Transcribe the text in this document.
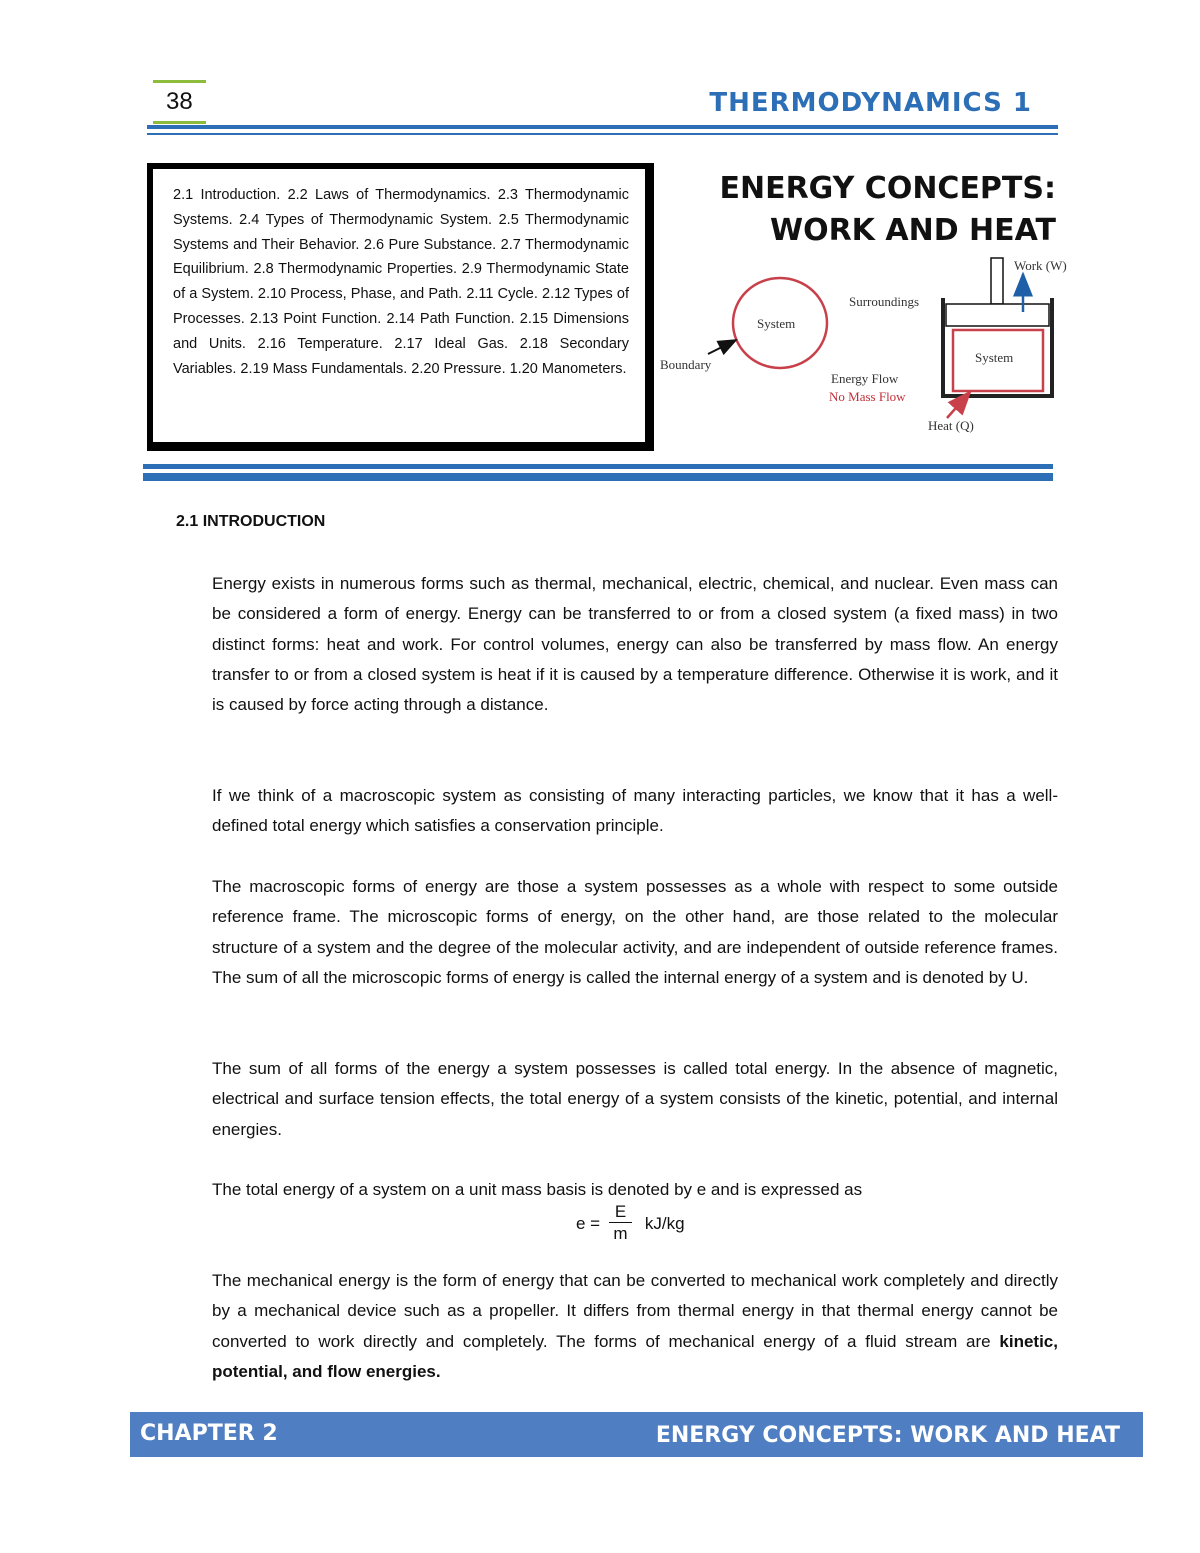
38	THERMODYNAMICS 1
2.1 Introduction. 2.2 Laws of Thermodynamics. 2.3 Thermodynamic Systems. 2.4 Types of Thermodynamic System. 2.5 Thermodynamic Systems and Their Behavior. 2.6 Pure Substance. 2.7 Thermodynamic Equilibrium. 2.8 Thermodynamic Properties. 2.9 Thermodynamic State of a System. 2.10 Process, Phase, and Path. 2.11 Cycle. 2.12 Types of Processes. 2.13 Point Function. 2.14 Path Function. 2.15 Dimensions and Units. 2.16 Temperature. 2.17 Ideal Gas. 2.18 Secondary Variables. 2.19 Mass Fundamentals. 2.20 Pressure. 1.20 Manometers.
ENERGY CONCEPTS:
WORK AND HEAT
System
Surroundings
Boundary
Energy Flow
No Mass Flow
System
Work (W)
Heat (Q)
2.1 INTRODUCTION
Energy exists in numerous forms such as thermal, mechanical, electric, chemical, and nuclear. Even mass can be considered a form of energy. Energy can be transferred to or from a closed system (a fixed mass) in two distinct forms: heat and work. For control volumes, energy can also be transferred by mass flow. An energy transfer to or from a closed system is heat if it is caused by a temperature difference. Otherwise it is work, and it is caused by force acting through a distance.
If we think of a macroscopic system as consisting of many interacting particles, we know that it has a well-defined total energy which satisfies a conservation principle.
The macroscopic forms of energy are those a system possesses as a whole with respect to some outside reference frame. The microscopic forms of energy, on the other hand, are those related to the molecular structure of a system and the degree of the molecular activity, and are independent of outside reference frames. The sum of all the microscopic forms of energy is called the internal energy of a system and is denoted by U.
The sum of all forms of the energy a system possesses is called total energy. In the absence of magnetic, electrical and surface tension effects, the total energy of a system consists of the kinetic, potential, and internal energies.
The total energy of a system on a unit mass basis is denoted by e and is expressed as
$e = \frac{E}{m} kJ/kg$
The mechanical energy is the form of energy that can be converted to mechanical work completely and directly by a mechanical device such as a propeller. It differs from thermal energy in that thermal energy cannot be converted to work directly and completely. The forms of mechanical energy of a fluid stream are kinetic, potential, and flow energies.
CHAPTER 2	ENERGY CONCEPTS: WORK AND HEAT
